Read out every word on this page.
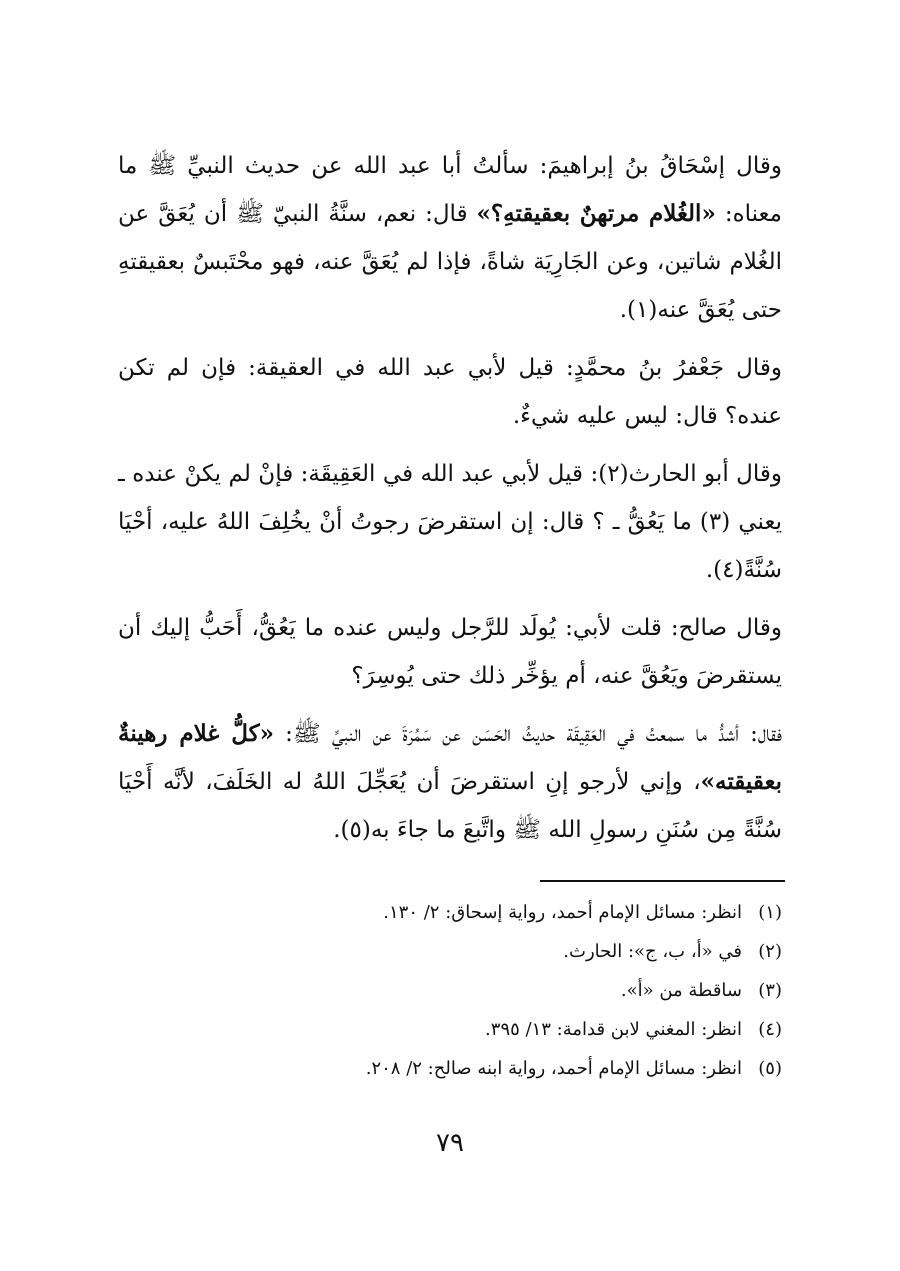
وقال إسْحَاقُ بنُ إبراهيمَ: سألتُ أبا عبد الله عن حديث النبيِّ ﷺ ما معناه: «الغُلام مرتهنٌ بعقيقتهِ؟» قال: نعم، سنَّةُ النبيّ ﷺ أن يُعَقَّ عن الغُلام شاتين، وعن الجَارِيَة شاةً، فإذا لم يُعَقَّ عنه، فهو محْتَبسٌ بعقيقتهِ حتى يُعَقَّ عنه(١).

وقال جَعْفرُ بنُ محمَّدٍ: قيل لأبي عبد الله في العقيقة: فإن لم تكن عنده؟ قال: ليس عليه شيءٌ.

وقال أبو الحارث(٢): قيل لأبي عبد الله في العَقِيقَة: فإنْ لم يكنْ عنده ـ يعني (٣) ما يَعُقُّ ـ ؟ قال: إن استقرضَ رجوتُ أنْ يخُلِفَ اللهُ عليه، أحْيَا سُنَّةً(٤).

وقال صالح: قلت لأبي: يُولَد للرَّجل وليس عنده ما يَعُقُّ، أَحَبُّ إليك أن يستقرضَ ويَعُقَّ عنه، أم يؤخِّر ذلك حتى يُوسِرَ؟

فقال: أشدُّ ما سمعتُ في العَقِيقَة حديثُ الحَسَن عن سَمُرَةَ عن النبيِّ ﷺ: «كلُّ غلام رهينةٌ بعقيقته»، وإني لأرجو إنِ استقرضَ أن يُعَجِّلَ اللهُ له الخَلَفَ، لأنَّه أَحْيَا سُنَّةً مِن سُنَنِ رسولِ الله ﷺ واتَّبعَ ما جاءَ به(٥).

(١)انظر: مسائل الإمام أحمد، رواية إسحاق: ٢/ ١٣٠.
(٢)في «أ، ب، ج»: الحارث.
(٣)ساقطة من «أ».
(٤)انظر: المغني لابن قدامة: ١٣/ ٣٩٥.
(٥)انظر: مسائل الإمام أحمد، رواية ابنه صالح: ٢/ ٢٠٨.
٧٩
